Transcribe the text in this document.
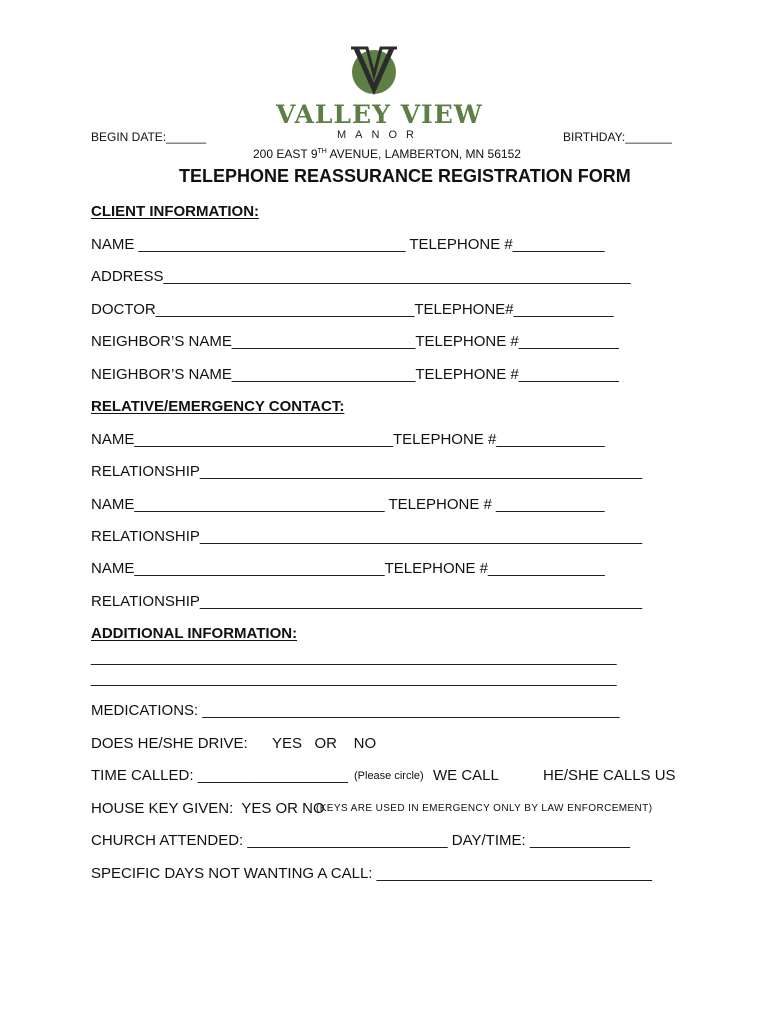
BEGIN DATE:______	BIRTHDAY:_______
VALLEY VIEW
MANOR
200 EAST 9TH AVENUE, LAMBERTON, MN 56152
TELEPHONE REASSURANCE REGISTRATION FORM
CLIENT INFORMATION:
NAME ________________________________ TELEPHONE #___________
ADDRESS________________________________________________________
DOCTOR_______________________________TELEPHONE#____________
NEIGHBOR’S NAME______________________TELEPHONE #____________
NEIGHBOR’S NAME______________________TELEPHONE #____________
RELATIVE/EMERGENCY CONTACT:
NAME_______________________________TELEPHONE #_____________
RELATIONSHIP_____________________________________________________
NAME______________________________ TELEPHONE # _____________
RELATIONSHIP_____________________________________________________
NAME______________________________TELEPHONE #______________
RELATIONSHIP_____________________________________________________
ADDITIONAL INFORMATION:
_______________________________________________________________
_______________________________________________________________
MEDICATIONS: __________________________________________________
DOES HE/SHE DRIVE: YES   OR    NO
TIME CALLED: __________________ (Please circle) WE CALL	HE/SHE CALLS US
HOUSE KEY GIVEN:  YES OR NO
(KEYS ARE USED IN EMERGENCY ONLY BY LAW ENFORCEMENT)
CHURCH ATTENDED: ________________________ DAY/TIME: ____________
SPECIFIC DAYS NOT WANTING A CALL: _________________________________
